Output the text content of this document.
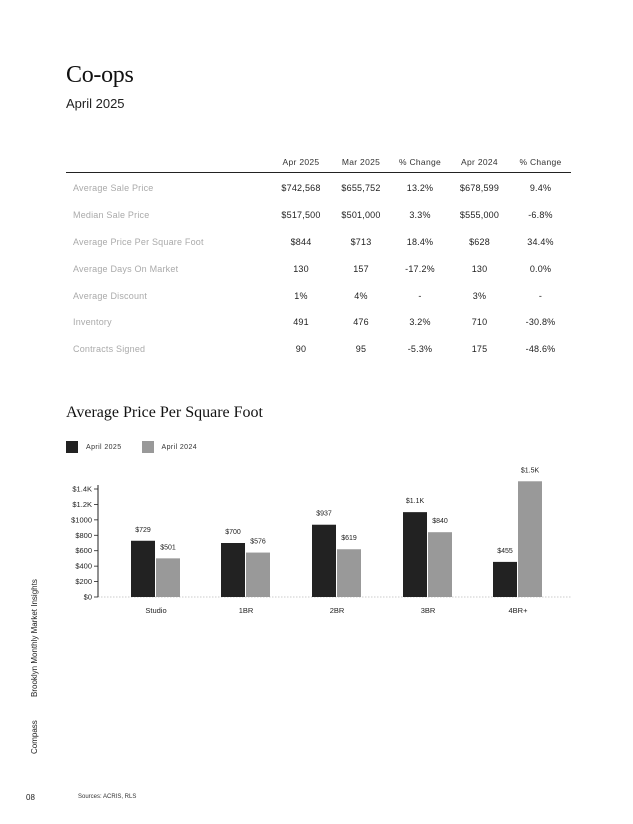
Co-ops
April 2025
	Apr 2025	Mar 2025	% Change	Apr 2024	% Change
Average Sale Price	$742,568	$655,752	13.2%	$678,599	9.4%
Median Sale Price	$517,500	$501,000	3.3%	$555,000	-6.8%
Average Price Per Square Foot	$844	$713	18.4%	$628	34.4%
Average Days On Market	130	157	-17.2%	130	0.0%
Average Discount	1%	4%	-	3%	-
Inventory	491	476	3.2%	710	-30.8%
Contracts Signed	90	95	-5.3%	175	-48.6%
Average Price Per Square Foot
April 2025	April 2024
$0
$200
$400
$600
$800
$1000
$1.2K
$1.4K
$729
$501
Studio
$700
$576
1BR
$937
$619
2BR
$1.1K
$840
3BR
$455
$1.5K
4BR+
Brooklyn Monthly Market Insights
Compass
08	Sources: ACRIS, RLS
